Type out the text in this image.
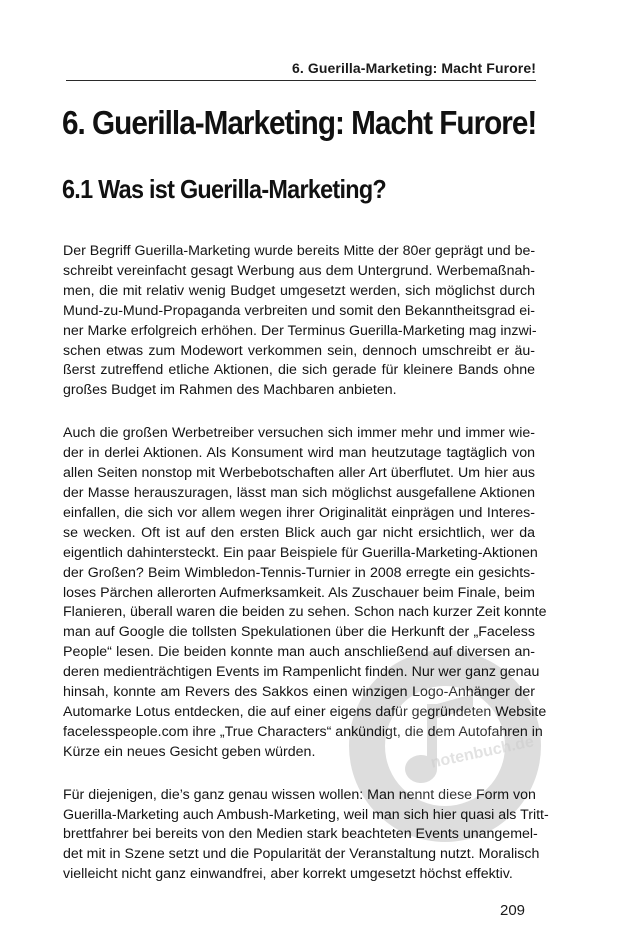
6. Guerilla-Marketing: Macht Furore!
6. Guerilla-Marketing: Macht Furore!
6.1 Was ist Guerilla-Marketing?

Der Begriff Guerilla-Marketing wurde bereits Mitte der 80er geprägt und be-
schreibt vereinfacht gesagt Werbung aus dem Untergrund. Werbemaßnah-
men, die mit relativ wenig Budget umgesetzt werden, sich möglichst durch
Mund-zu-Mund-Propaganda verbreiten und somit den Bekanntheitsgrad ei-
ner Marke erfolgreich erhöhen. Der Terminus Guerilla-Marketing mag inzwi-
schen etwas zum Modewort verkommen sein, dennoch umschreibt er äu-
ßerst zutreffend etliche Aktionen, die sich gerade für kleinere Bands ohne
großes Budget im Rahmen des Machbaren anbieten.

Auch die großen Werbetreiber versuchen sich immer mehr und immer wie-
der in derlei Aktionen. Als Konsument wird man heutzutage tagtäglich von
allen Seiten nonstop mit Werbebotschaften aller Art überflutet. Um hier aus
der Masse herauszuragen, lässt man sich möglichst ausgefallene Aktionen
einfallen, die sich vor allem wegen ihrer Originalität einprägen und Interes-
se wecken. Oft ist auf den ersten Blick auch gar nicht ersichtlich, wer da
eigentlich dahintersteckt. Ein paar Beispiele für Guerilla-Marketing-Aktionen
der Großen? Beim Wimbledon-Tennis-Turnier in 2008 erregte ein gesichts-
loses Pärchen allerorten Aufmerksamkeit. Als Zuschauer beim Finale, beim
Flanieren, überall waren die beiden zu sehen. Schon nach kurzer Zeit konnte
man auf Google die tollsten Spekulationen über die Herkunft der „Faceless
People“ lesen. Die beiden konnte man auch anschließend auf diversen an-
deren medienträchtigen Events im Rampenlicht finden. Nur wer ganz genau
hinsah, konnte am Revers des Sakkos einen winzigen Logo-Anhänger der
Automarke Lotus entdecken, die auf einer eigens dafür gegründeten Website
facelesspeople.com ihre „True Characters“ ankündigt, die dem Autofahren in
Kürze ein neues Gesicht geben würden.

Für diejenigen, die’s ganz genau wissen wollen: Man nennt diese Form von
Guerilla-Marketing auch Ambush-Marketing, weil man sich hier quasi als Tritt-
brettfahrer bei bereits von den Medien stark beachteten Events unangemel-
det mit in Szene setzt und die Popularität der Veranstaltung nutzt. Moralisch
vielleicht nicht ganz einwandfrei, aber korrekt umgesetzt höchst effektiv.

notenbuch.de
209
